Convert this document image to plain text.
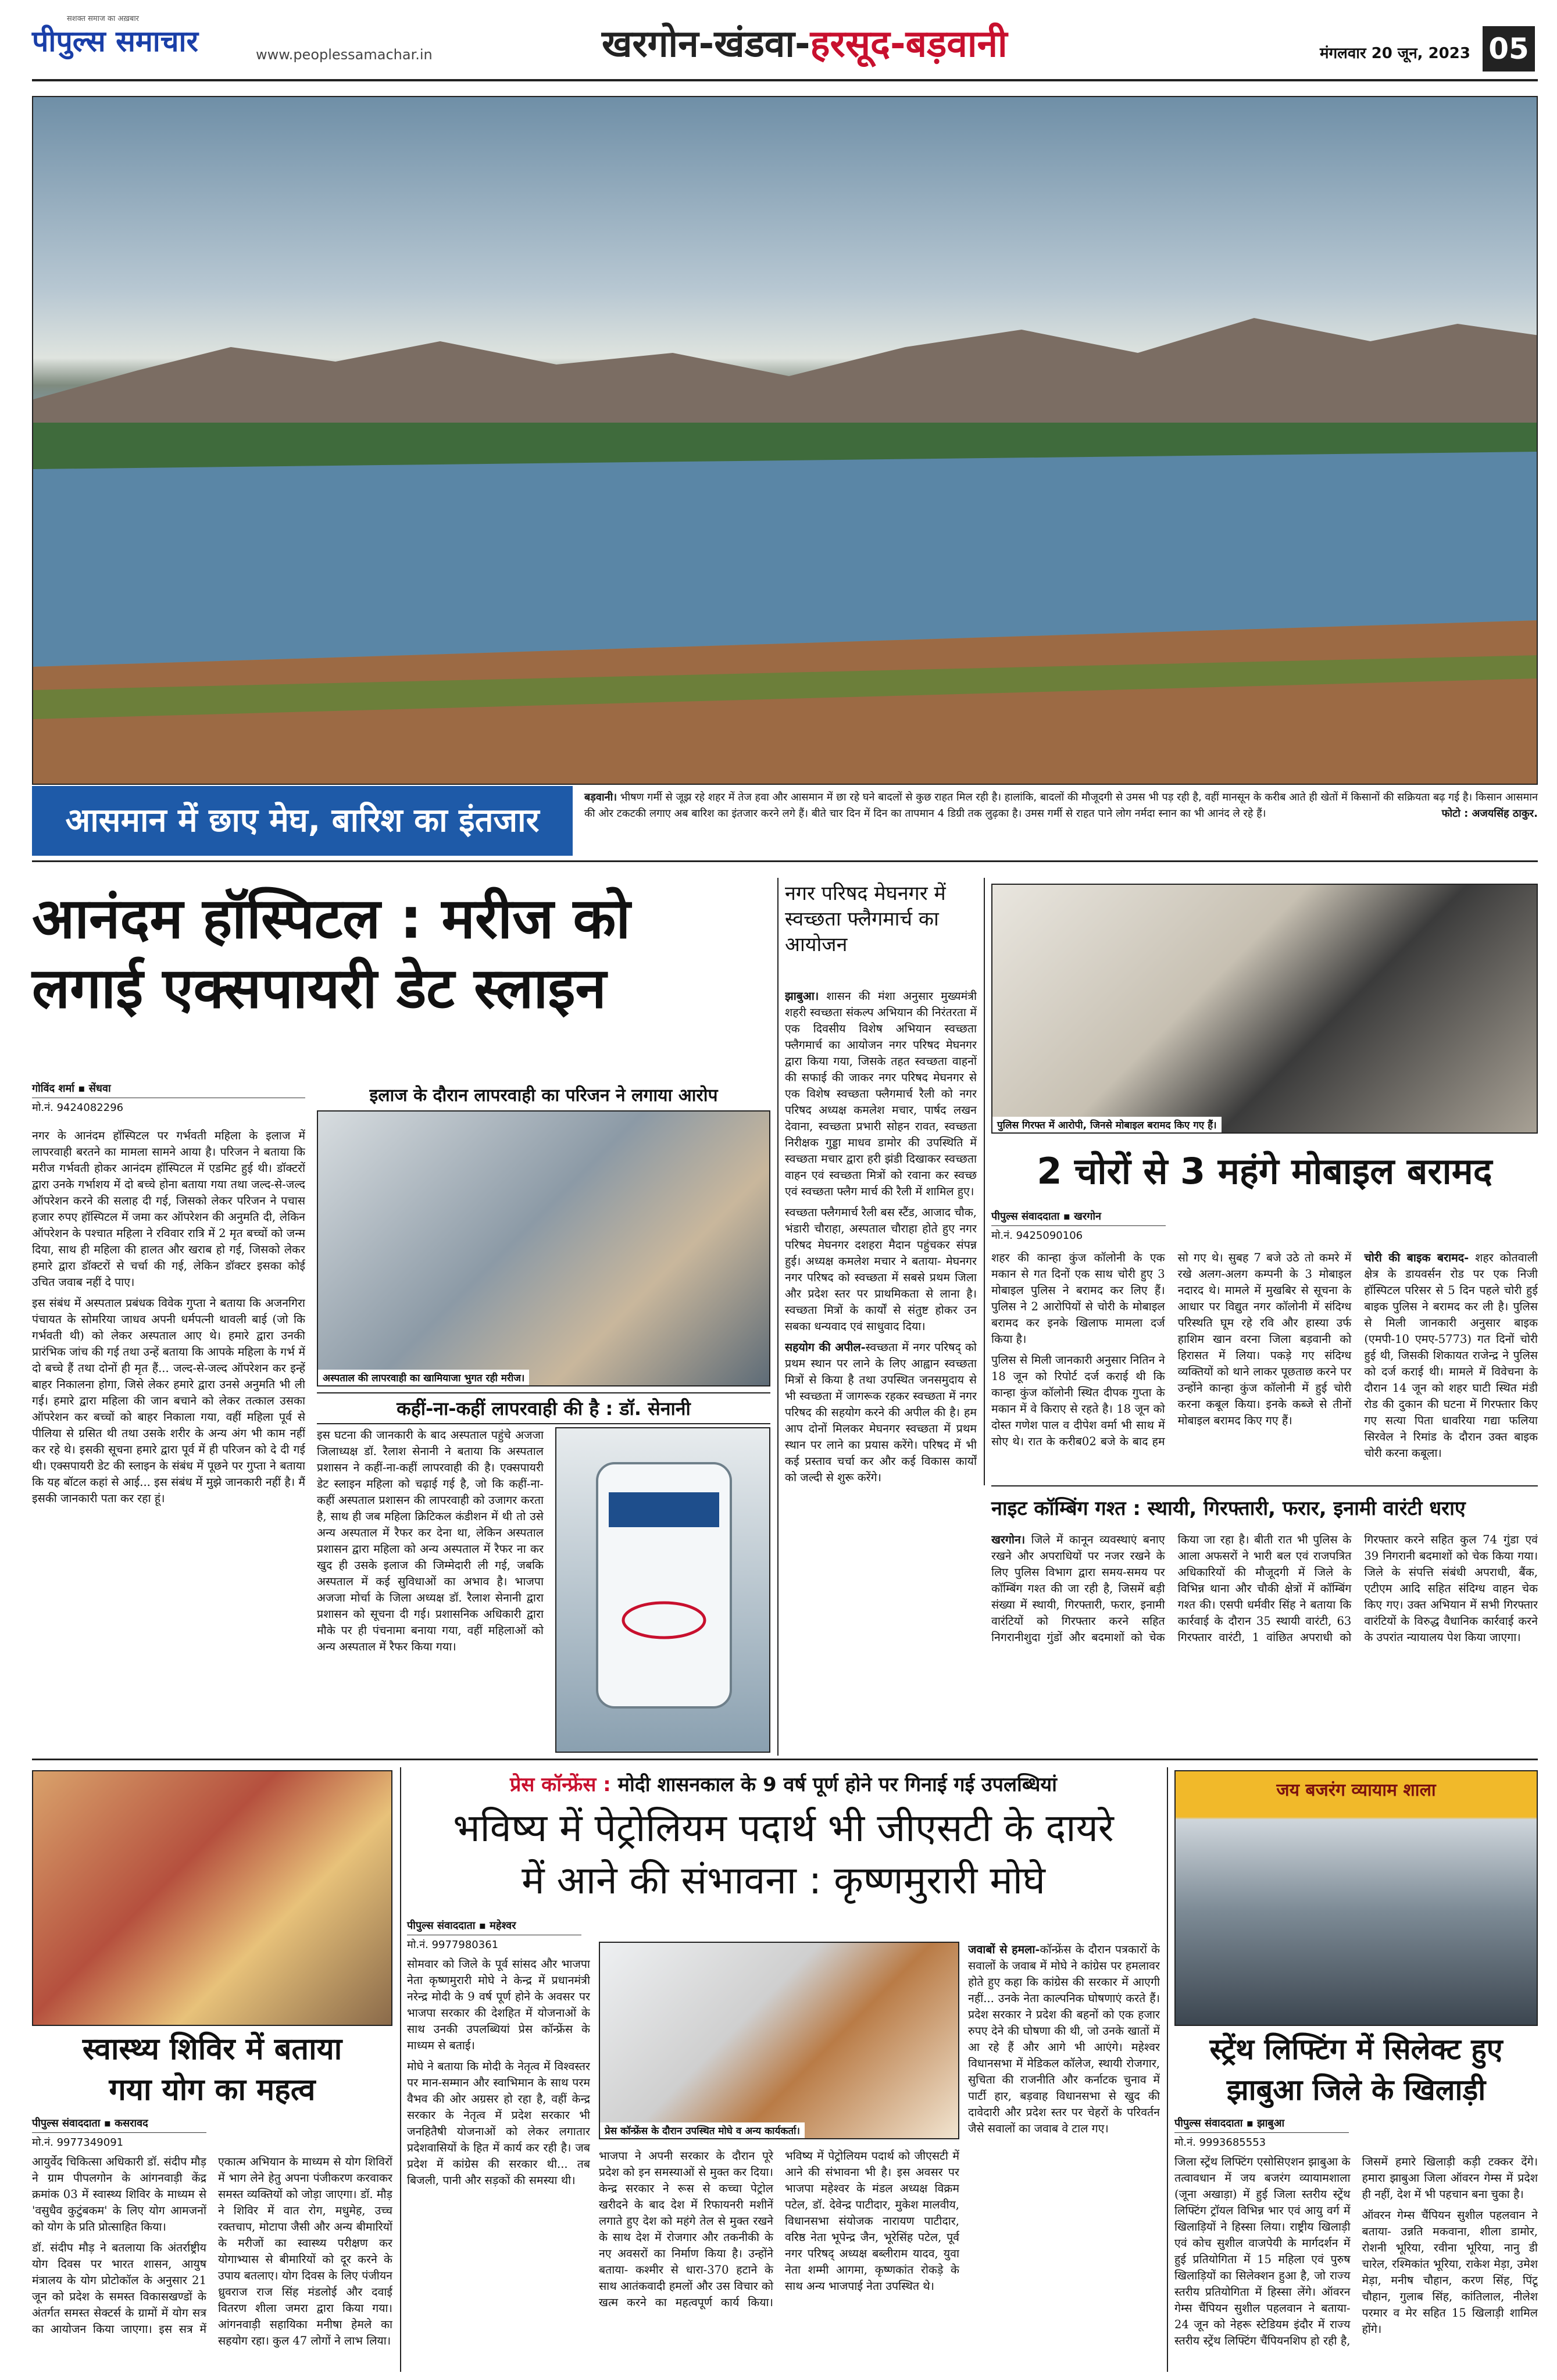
सशक्त समाज का अख़बार
पीपुल्स समाचार	www.peoplessamachar.in	खरगोन-खंडवा-हरसूद-बड़वानी	मंगलवार 20 जून, 2023 05
आसमान में छाए मेघ, बारिश का इंतजार
बड़वानी। भीषण गर्मी से जूझ रहे शहर में तेज हवा और आसमान में छा रहे घने बादलों से कुछ राहत मिल रही है। हालांकि, बादलों की मौजूदगी से उमस भी पड़ रही है, वहीं मानसून के करीब आते ही खेतों में किसानों की सक्रियता बढ़ गई है। किसान आसमान की ओर टकटकी लगाए अब बारिश का इंतजार करने लगे हैं। बीते चार दिन में दिन का तापमान 4 डिग्री तक लुढ़का है। उमस गर्मी से राहत पाने लोग नर्मदा स्नान का भी आनंद ले रहे हैं।	फोटो : अजयसिंह ठाकुर.
आनंदम हॉस्पिटल : मरीज को
लगाई एक्सपायरी डेट स्लाइन
गोविंद शर्मा ▪ सेंधवा
मो.नं. 9424082296
इलाज के दौरान लापरवाही का परिजन ने लगाया आरोप

नगर के आनंदम हॉस्पिटल पर गर्भवती महिला के इलाज में लापरवाही बरतने का मामला सामने आया है। परिजन ने बताया कि मरीज गर्भवती होकर आनंदम हॉस्पिटल में एडमिट हुई थी। डॉक्टरों द्वारा उनके गर्भाशय में दो बच्चे होना बताया गया तथा जल्द-से-जल्द ऑपरेशन करने की सलाह दी गई, जिसको लेकर परिजन ने पचास हजार रुपए हॉस्पिटल में जमा कर ऑपरेशन की अनुमति दी, लेकिन ऑपरेशन के पश्चात महिला ने रविवार रात्रि में 2 मृत बच्चों को जन्म दिया, साथ ही महिला की हालत और खराब हो गई, जिसको लेकर हमारे द्वारा डॉक्टरों से चर्चा की गई, लेकिन डॉक्टर इसका कोई उचित जवाब नहीं दे पाए।

इस संबंध में अस्पताल प्रबंधक विवेक गुप्ता ने बताया कि अजनगिरा पंचायत के सोमरिया जाधव अपनी धर्मपत्नी थावली बाई (जो कि गर्भवती थी) को लेकर अस्पताल आए थे। हमारे द्वारा उनकी प्रारंभिक जांच की गई तथा उन्हें बताया कि आपके महिला के गर्भ में दो बच्चे हैं तथा दोनों ही मृत हैं... जल्द-से-जल्द ऑपरेशन कर इन्हें बाहर निकालना होगा, जिसे लेकर हमारे द्वारा उनसे अनुमति भी ली गई। हमारे द्वारा महिला की जान बचाने को लेकर तत्काल उसका ऑपरेशन कर बच्चों को बाहर निकाला गया, वहीं महिला पूर्व से पीलिया से ग्रसित थी तथा उसके शरीर के अन्य अंग भी काम नहीं कर रहे थे। इसकी सूचना हमारे द्वारा पूर्व में ही परिजन को दे दी गई थी। एक्सपायरी डेट की स्लाइन के संबंध में पूछने पर गुप्ता ने बताया कि यह बॉटल कहां से आई... इस संबंध में मुझे जानकारी नहीं है। मैं इसकी जानकारी पता कर रहा हूं।

अस्पताल की लापरवाही का खामियाजा भुगत रही मरीज।
कहीं-ना-कहीं लापरवाही की है : डॉ. सेनानी

इस घटना की जानकारी के बाद अस्पताल पहुंचे अजजा जिलाध्यक्ष डॉ. रैलाश सेनानी ने बताया कि अस्पताल प्रशासन ने कहीं-ना-कहीं लापरवाही की है। एक्सपायरी डेट स्लाइन महिला को चढ़ाई गई है, जो कि कहीं-ना-कहीं अस्पताल प्रशासन की लापरवाही को उजागर करता है, साथ ही जब महिला क्रिटिकल कंडीशन में थी तो उसे अन्य अस्पताल में रैफर कर देना था, लेकिन अस्पताल प्रशासन द्वारा महिला को अन्य अस्पताल में रैफर ना कर खुद ही उसके इलाज की जिम्मेदारी ली गई, जबकि अस्पताल में कई सुविधाओं का अभाव है। भाजपा अजजा मोर्चा के जिला अध्यक्ष डॉ. रैलाश सेनानी द्वारा प्रशासन को सूचना दी गई। प्रशासनिक अधिकारी द्वारा मौके पर ही पंचनामा बनाया गया, वहीं महिलाओं को अन्य अस्पताल में रैफर किया गया।

नगर परिषद मेघनगर में स्वच्छता फ्लैगमार्च का आयोजन

झाबुआ। शासन की मंशा अनुसार मुख्यमंत्री शहरी स्वच्छता संकल्प अभियान की निरंतरता में एक दिवसीय विशेष अभियान स्वच्छता फ्लैगमार्च का आयोजन नगर परिषद मेघनगर द्वारा किया गया, जिसके तहत स्वच्छता वाहनों की सफाई की जाकर नगर परिषद मेघनगर से एक विशेष स्वच्छता फ्लैगमार्च रैली को नगर परिषद अध्यक्ष कमलेश मचार, पार्षद लखन देवाना, स्वच्छता प्रभारी सोहन रावत, स्वच्छता निरीक्षक गुड्डा माधव डामोर की उपस्थिति में स्वच्छता मचार द्वारा हरी झंडी दिखाकर स्वच्छता वाहन एवं स्वच्छता मित्रों को रवाना कर स्वच्छ एवं स्वच्छता फ्लैग मार्च की रैली में शामिल हुए।

स्वच्छता फ्लैगमार्च रैली बस स्टैंड, आजाद चौक, भंडारी चौराहा, अस्पताल चौराहा होते हुए नगर परिषद मेघनगर दशहरा मैदान पहुंचकर संपन्न हुई। अध्यक्ष कमलेश मचार ने बताया- मेघनगर नगर परिषद को स्वच्छता में सबसे प्रथम जिला और प्रदेश स्तर पर प्राथमिकता से लाना है। स्वच्छता मित्रों के कार्यों से संतुष्ट होकर उन सबका धन्यवाद एवं साधुवाद दिया।

सहयोग की अपील-स्वच्छता में नगर परिषद् को प्रथम स्थान पर लाने के लिए आह्वान स्वच्छता मित्रों से किया है तथा उपस्थित जनसमुदाय से भी स्वच्छता में जागरूक रहकर स्वच्छता में नगर परिषद की सहयोग करने की अपील की है। हम आप दोनों मिलकर मेघनगर स्वच्छता में प्रथम स्थान पर लाने का प्रयास करेंगे। परिषद में भी कई प्रस्ताव चर्चा कर और कई विकास कार्यों को जल्दी से शुरू करेंगे।

पुलिस गिरफ्त में आरोपी, जिनसे मोबाइल बरामद किए गए हैं।
2 चोरों से 3 महंगे मोबाइल बरामद
पीपुल्स संवाददाता ▪ खरगोन
मो.नं. 9425090106

शहर की कान्हा कुंज कॉलोनी के एक मकान से गत दिनों एक साथ चोरी हुए 3 मोबाइल पुलिस ने बरामद कर लिए हैं। पुलिस ने 2 आरोपियों से चोरी के मोबाइल बरामद कर इनके खिलाफ मामला दर्ज किया है।

पुलिस से मिली जानकारी अनुसार नितिन ने 18 जून को रिपोर्ट दर्ज कराई थी कि कान्हा कुंज कॉलोनी स्थित दीपक गुप्ता के मकान में वे किराए से रहते है। 18 जून को दोस्त गणेश पाल व दीपेश वर्मा भी साथ में सोए थे। रात के करीब02 बजे के बाद हम सो गए थे। सुबह 7 बजे उठे तो कमरे में रखे अलग-अलग कम्पनी के 3 मोबाइल नदारद थे। मामले में मुखबिर से सूचना के आधार पर विद्युत नगर कॉलोनी में संदिग्ध परिस्थति घूम रहे रवि और हास्या उर्फ हाशिम खान वरना जिला बड़वानी को हिरासत में लिया। पकड़े गए संदिग्ध व्यक्तियों को थाने लाकर पूछताछ करने पर उन्होंने कान्हा कुंज कॉलोनी में हुई चोरी करना कबूल किया। इनके कब्जे से तीनों मोबाइल बरामद किए गए हैं।

चोरी की बाइक बरामद- शहर कोतवाली क्षेत्र के डायवर्सन रोड पर एक निजी हॉस्पिटल परिसर से 5 दिन पहले चोरी हुई बाइक पुलिस ने बरामद कर ली है। पुलिस से मिली जानकारी अनुसार बाइक (एमपी-10 एमए-5773) गत दिनों चोरी हुई थी, जिसकी शिकायत राजेन्द्र ने पुलिस को दर्ज कराई थी। मामले में विवेचना के दौरान 14 जून को शहर घाटी स्थित मंडी रोड की दुकान की घटना में गिरफ्तार किए गए सत्या पिता धावरिया गद्या फलिया सिरवेल ने रिमांड के दौरान उक्त बाइक चोरी करना कबूला।

नाइट कॉम्बिंग गश्त : स्थायी, गिरफ्तारी, फरार, इनामी वारंटी धराए

खरगोन। जिले में कानून व्यवस्थाएं बनाए रखने और अपराधियों पर नजर रखने के लिए पुलिस विभाग द्वारा समय-समय पर कॉम्बिंग गश्त की जा रही है, जिसमें बड़ी संख्या में स्थायी, गिरफ्तारी, फरार, इनामी वारंटियों को गिरफ्तार करने सहित निगरानीशुदा गुंडों और बदमाशों को चेक किया जा रहा है। बीती रात भी पुलिस के आला अफसरों ने भारी बल एवं राजपत्रित अधिकारियों की मौजूदगी में जिले के विभिन्न थाना और चौकी क्षेत्रों में कॉम्बिंग गश्त की। एसपी धर्मवीर सिंह ने बताया कि कार्रवाई के दौरान 35 स्थायी वारंटी, 63 गिरफ्तार वारंटी, 1 वांछित अपराधी को गिरफ्तार करने सहित कुल 74 गुंडा एवं 39 निगरानी बदमाशों को चेक किया गया। जिले के संपत्ति संबंधी अपराधी, बैंक, एटीएम आदि सहित संदिग्ध वाहन चेक किए गए। उक्त अभियान में सभी गिरफ्तार वारंटियों के विरुद्ध वैधानिक कार्रवाई करने के उपरांत न्यायालय पेश किया जाएगा।

स्वास्थ्य शिविर में बताया
गया योग का महत्व
पीपुल्स संवाददाता ▪ कसरावद
मो.नं. 9977349091

आयुर्वेद चिकित्सा अधिकारी डॉ. संदीप मौड़ ने ग्राम पीपलगोन के आंगनवाड़ी केंद्र क्रमांक 03 में स्वास्थ्य शिविर के माध्यम से 'वसुधैव कुटुंबकम' के लिए योग आमजनों को योग के प्रति प्रोत्साहित किया।

डॉ. संदीप मौड़ ने बतलाया कि अंतर्राष्ट्रीय योग दिवस पर भारत शासन, आयुष मंत्रालय के योग प्रोटोकॉल के अनुसार 21 जून को प्रदेश के समस्त विकासखण्डों के अंतर्गत समस्त सेक्टर्स के ग्रामों में योग सत्र का आयोजन किया जाएगा। इस सत्र में एकात्म अभियान के माध्यम से योग शिविरों में भाग लेने हेतु अपना पंजीकरण करवाकर समस्त व्यक्तियों को जोड़ा जाएगा। डॉ. मौड़ ने शिविर में वात रोग, मधुमेह, उच्च रक्तचाप, मोटापा जैसी और अन्य बीमारियों के मरीजों का स्वास्थ्य परीक्षण कर योगाभ्यास से बीमारियों को दूर करने के उपाय बतलाए। योग दिवस के लिए पंजीयन ध्रुवराज राज सिंह मंडलोई और दवाई वितरण शीला जमरा द्वारा किया गया। आंगनवाड़ी सहायिका मनीषा हेमले का सहयोग रहा। कुल 47 लोगों ने लाभ लिया।

प्रेस कॉन्फ्रेंस : मोदी शासनकाल के 9 वर्ष पूर्ण होने पर गिनाई गई उपलब्धियां
भविष्य में पेट्रोलियम पदार्थ भी जीएसटी के दायरे
में आने की संभावना : कृष्णमुरारी मोघे
पीपुल्स संवाददाता ▪ महेश्वर
मो.नं. 9977980361

सोमवार को जिले के पूर्व सांसद और भाजपा नेता कृष्णमुरारी मोघे ने केन्द्र में प्रधानमंत्री नरेन्द्र मोदी के 9 वर्ष पूर्ण होने के अवसर पर भाजपा सरकार की देशहित में योजनाओं के साथ उनकी उपलब्धियां प्रेस कॉन्फ्रेंस के माध्यम से बताई।

मोघे ने बताया कि मोदी के नेतृत्व में विश्वस्तर पर मान-सम्मान और स्वाभिमान के साथ परम वैभव की ओर अग्रसर हो रहा है, वहीं केन्द्र सरकार के नेतृत्व में प्रदेश सरकार भी जनहितैषी योजनाओं को लेकर लगातार प्रदेशवासियों के हित में कार्य कर रही है। जब प्रदेश में कांग्रेस की सरकार थी... तब बिजली, पानी और सड़कों की समस्या थी।

प्रेस कॉन्फ्रेंस के दौरान उपस्थित मोघे व अन्य कार्यकर्ता।

भाजपा ने अपनी सरकार के दौरान पूरे प्रदेश को इन समस्याओं से मुक्त कर दिया। केन्द्र सरकार ने रूस से कच्चा पेट्रोल खरीदने के बाद देश में रिफायनरी मशीनें लगाते हुए देश को महंगे तेल से मुक्त रखने के साथ देश में रोजगार और तकनीकी के नए अवसरों का निर्माण किया है। उन्होंने बताया- कश्मीर से धारा-370 हटाने के साथ आतंकवादी हमलों और उस विचार को खत्म करने का महत्वपूर्ण कार्य किया। भविष्य में पेट्रोलियम पदार्थ को जीएसटी में आने की संभावना भी है। इस अवसर पर भाजपा महेश्वर के मंडल अध्यक्ष विक्रम पटेल, डॉ. देवेन्द्र पाटीदार, मुकेश मालवीय, विधानसभा संयोजक नारायण पाटीदार, वरिष्ठ नेता भूपेन्द्र जैन, भूरेसिंह पटेल, पूर्व नगर परिषद् अध्यक्ष बब्लीराम यादव, युवा नेता शम्मी आगमा, कृष्णकांत रोकड़े के साथ अन्य भाजपाई नेता उपस्थित थे।

जवाबों से हमला-कॉन्फ्रेंस के दौरान पत्रकारों के सवालों के जवाब में मोघे ने कांग्रेस पर हमलावर होते हुए कहा कि कांग्रेस की सरकार में आएगी नहीं... उनके नेता काल्पनिक घोषणाएं करते हैं। प्रदेश सरकार ने प्रदेश की बहनों को एक हजार रुपए देने की घोषणा की थी, जो उनके खातों में आ रहे हैं और आगे भी आएंगे। महेश्वर विधानसभा में मेडिकल कॉलेज, स्थायी रोजगार, सुचिता की राजनीति और कर्नाटक चुनाव में पार्टी हार, बड़वाह विधानसभा से खुद की दावेदारी और प्रदेश स्तर पर चेहरों के परिवर्तन जैसे सवालों का जवाब वे टाल गए।

जय बजरंग व्यायाम शाला
स्ट्रेंथ लिफ्टिंग में सिलेक्ट हुए
झाबुआ जिले के खिलाड़ी
पीपुल्स संवाददाता ▪ झाबुआ
मो.नं. 9993685553

जिला स्ट्रेंथ लिफ्टिंग एसोसिएशन झाबुआ के तत्वावधान में जय बजरंग व्यायामशाला (जूना अखाड़ा) में हुई जिला स्तरीय स्ट्रेंथ लिफ्टिंग ट्रॉयल विभिन्न भार एवं आयु वर्ग में खिलाड़ियों ने हिस्सा लिया। राष्ट्रीय खिलाड़ी एवं कोच सुशील वाजपेयी के मार्गदर्शन में हुई प्रतियोगिता में 15 महिला एवं पुरुष खिलाड़ियों का सिलेक्शन हुआ है, जो राज्य स्तरीय प्रतियोगिता में हिस्सा लेंगे। ऑवरन गेम्स चैंपियन सुशील पहलवान ने बताया- 24 जून को नेहरू स्टेडियम इंदौर में राज्य स्तरीय स्ट्रेंथ लिफ्टिंग चैंपियनशिप हो रही है, जिसमें हमारे खिलाड़ी कड़ी टक्कर देंगे। हमारा झाबुआ जिला ऑवरन गेम्स में प्रदेश ही नहीं, देश में भी पहचान बना चुका है।

ऑवरन गेम्स चैंपियन सुशील पहलवान ने बताया- उन्नति मकवाना, शीला डामोर, रोशनी भूरिया, रवीना भूरिया, नानु डी चारेल, रश्मिकांत भूरिया, राकेश मेड़ा, उमेश मेड़ा, मनीष चौहान, करण सिंह, पिंटू चौहान, गुलाब सिंह, कांतिलाल, नीलेश परमार व मेर सहित 15 खिलाड़ी शामिल होंगे।
